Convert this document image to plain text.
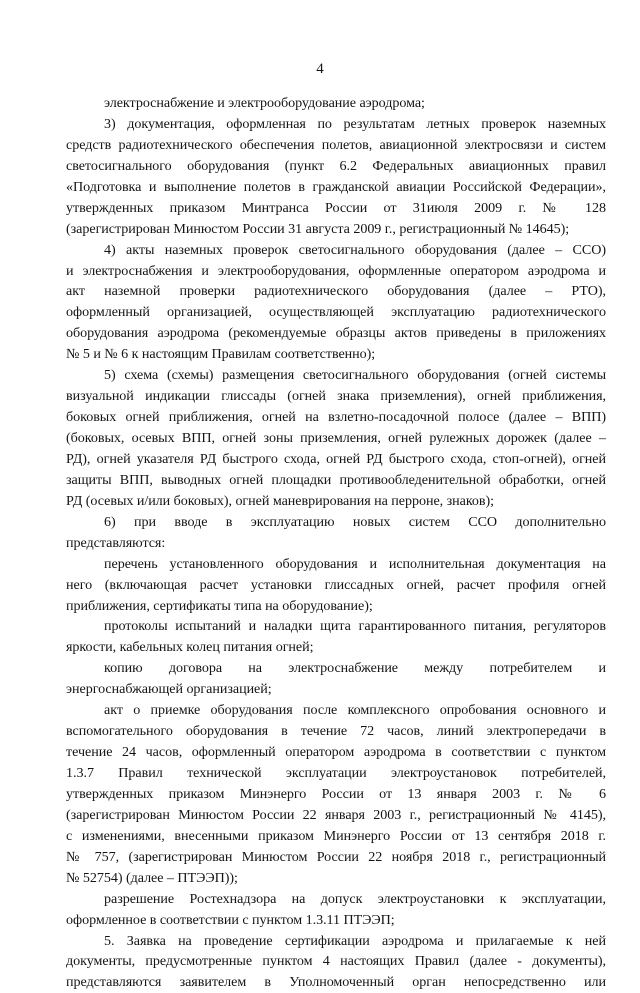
4
электроснабжение и электрооборудование аэродрома;
3) документация, оформленная по результатам летных проверок наземных
средств радиотехнического обеспечения полетов, авиационной электросвязи и систем
светосигнального оборудования (пункт 6.2 Федеральных авиационных правил
«Подготовка и выполнение полетов в гражданской авиации Российской Федерации»,
утвержденных приказом Минтранса России от 31июля 2009 г. № 128
(зарегистрирован Минюстом России 31 августа 2009 г., регистрационный № 14645);
4) акты наземных проверок светосигнального оборудования (далее – ССО)
и электроснабжения и электрооборудования, оформленные оператором аэродрома и
акт наземной проверки радиотехнического оборудования (далее – РТО),
оформленный организацией, осуществляющей эксплуатацию радиотехнического
оборудования аэродрома (рекомендуемые образцы актов приведены в приложениях
№ 5 и № 6 к настоящим Правилам соответственно);
5) схема (схемы) размещения светосигнального оборудования (огней системы
визуальной индикации глиссады (огней знака приземления), огней приближения,
боковых огней приближения, огней на взлетно-посадочной полосе (далее – ВПП)
(боковых, осевых ВПП, огней зоны приземления, огней рулежных дорожек (далее –
РД), огней указателя РД быстрого схода, огней РД быстрого схода, стоп-огней), огней
защиты ВПП, выводных огней площадки противообледенительной обработки, огней
РД (осевых и/или боковых), огней маневрирования на перроне, знаков);
6) при вводе в эксплуатацию новых систем ССО дополнительно
представляются:
перечень установленного оборудования и исполнительная документация на
него (включающая расчет установки глиссадных огней, расчет профиля огней
приближения, сертификаты типа на оборудование);
протоколы испытаний и наладки щита гарантированного питания, регуляторов
яркости, кабельных колец питания огней;
копию договора на электроснабжение между потребителем и
энергоснабжающей организацией;
акт о приемке оборудования после комплексного опробования основного и
вспомогательного оборудования в течение 72 часов, линий электропередачи в
течение 24 часов, оформленный оператором аэродрома в соответствии с пунктом
1.3.7 Правил технической эксплуатации электроустановок потребителей,
утвержденных приказом Минэнерго России от 13 января 2003 г. № 6
(зарегистрирован Минюстом России 22 января 2003 г., регистрационный № 4145),
с изменениями, внесенными приказом Минэнерго России от 13 сентября 2018 г.
№ 757, (зарегистрирован Минюстом России 22 ноября 2018 г., регистрационный
№ 52754) (далее – ПТЭЭП));
разрешение Ростехнадзора на допуск электроустановки к эксплуатации,
оформленное в соответствии с пунктом 1.3.11 ПТЭЭП;
5. Заявка на проведение сертификации аэродрома и прилагаемые к ней
документы, предусмотренные пунктом 4 настоящих Правил (далее - документы),
представляются заявителем в Уполномоченный орган непосредственно или
